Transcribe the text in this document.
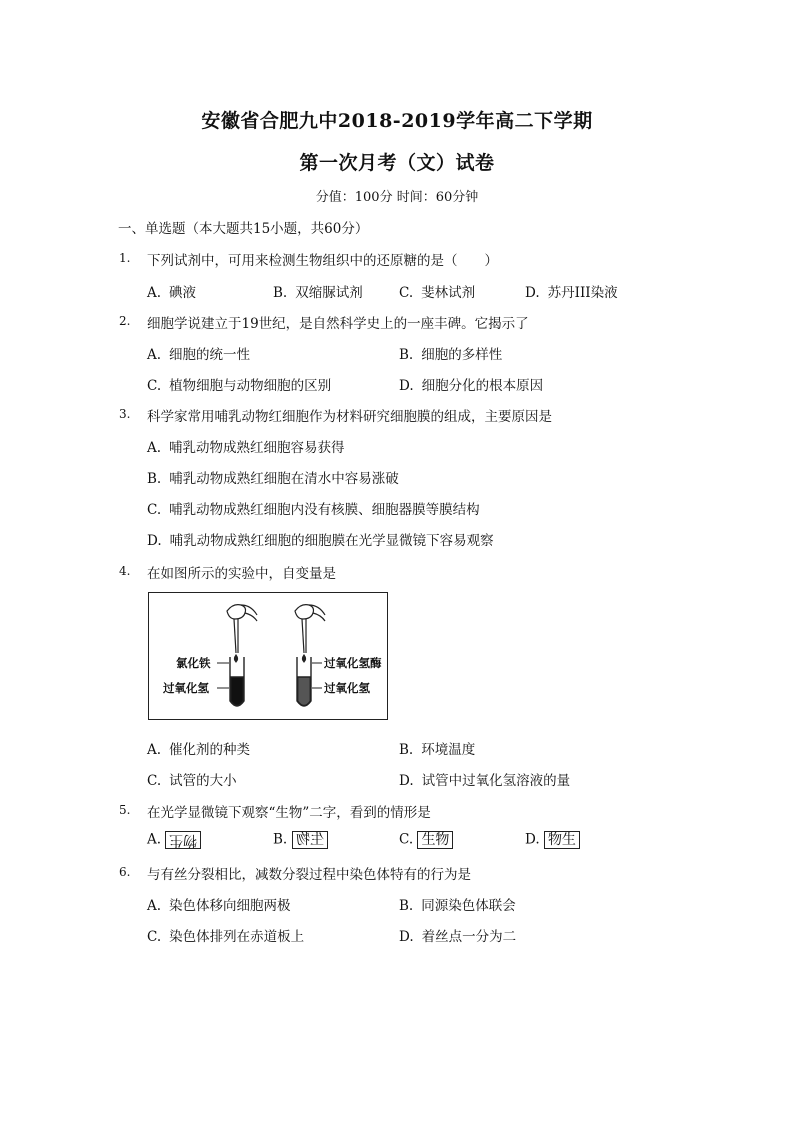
安徽省合肥九中2018-2019学年高二下学期
第一次月考（文）试卷
分值：100分 时间：60分钟
一、单选题（本大题共15小题，共60分）
1. 下列试剂中，可用来检测生物组织中的还原糖的是（　　）
A. 碘液	B. 双缩脲试剂	C. 斐林试剂	D. 苏丹III染液
2. 细胞学说建立于19世纪，是自然科学史上的一座丰碑。它揭示了
A. 细胞的统一性	B. 细胞的多样性
C. 植物细胞与动物细胞的区别	D. 细胞分化的根本原因
3. 科学家常用哺乳动物红细胞作为材料研究细胞膜的组成，主要原因是
A. 哺乳动物成熟红细胞容易获得
B. 哺乳动物成熟红细胞在清水中容易涨破
C. 哺乳动物成熟红细胞内没有核膜、细胞器膜等膜结构
D. 哺乳动物成熟红细胞的细胞膜在光学显微镜下容易观察
4. 在如图所示的实验中，自变量是
氯化铁
过氧化氢
过氧化氢酶
过氧化氢
A. 催化剂的种类	B. 环境温度
C. 试管的大小	D. 试管中过氧化氢溶液的量
5. 在光学显微镜下观察“生物”二字，看到的情形是
A. 物生	B. 生物	C. 生物	D. 物生
6. 与有丝分裂相比，减数分裂过程中染色体特有的行为是
A. 染色体移向细胞两极	B. 同源染色体联会
C. 染色体排列在赤道板上	D. 着丝点一分为二
